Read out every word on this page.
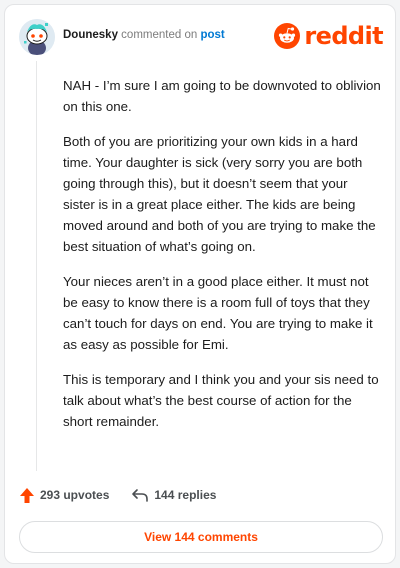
Dounesky commented on post	reddit

NAH - I’m sure I am going to be downvoted to oblivion on this one.

Both of you are prioritizing your own kids in a hard time. Your daughter is sick (very sorry you are both going through this), but it doesn’t seem that your sister is in a great place either. The kids are being moved around and both of you are trying to make the best situation of what’s going on.

Your nieces aren’t in a good place either. It must not be easy to know there is a room full of toys that they can’t touch for days on end. You are trying to make it as easy as possible for Emi.

This is temporary and I think you and your sis need to talk about what’s the best course of action for the short remainder.

293 upvotes	144 replies
View 144 comments
